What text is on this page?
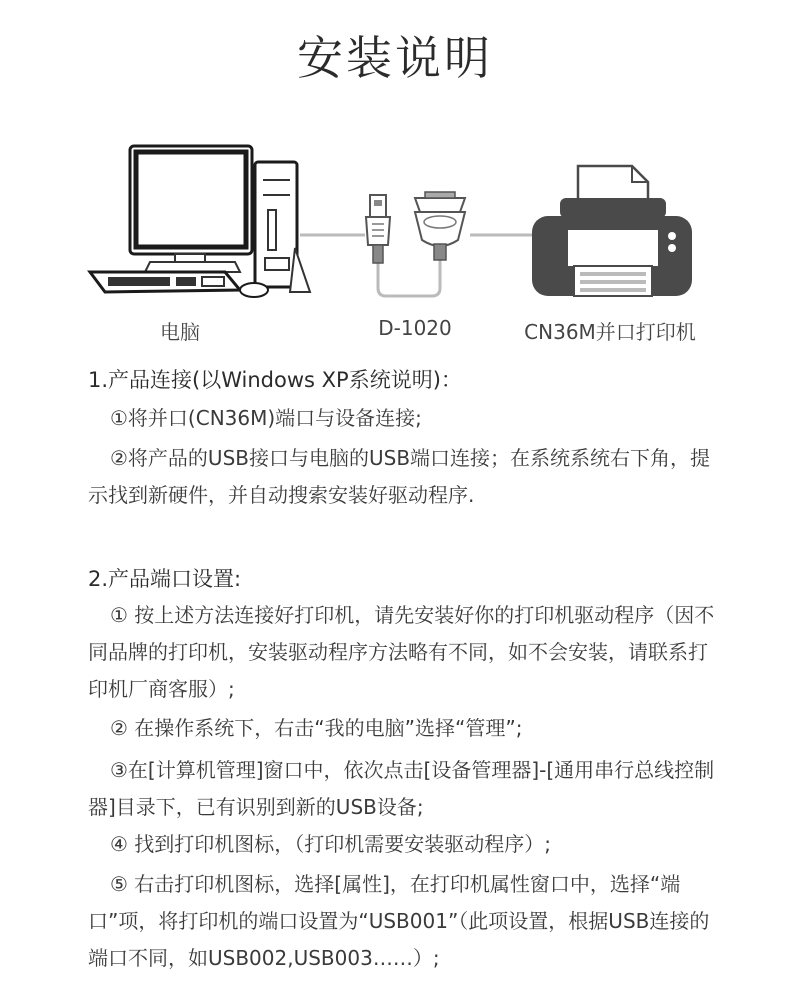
安装说明
电脑	D-1020	CN36M并口打印机
1.产品连接(以Windows XP系统说明)：

①将并口(CN36M)端口与设备连接;

②将产品的USB接口与电脑的USB端口连接；在系统系统右下角，提示找到新硬件，并自动搜索安装好驱动程序.

2.产品端口设置:

① 按上述方法连接好打印机，请先安装好你的打印机驱动程序（因不同品牌的打印机，安装驱动程序方法略有不同，如不会安装，请联系打印机厂商客服）;

② 在操作系统下，右击“我的电脑”选择“管理”;

③在[计算机管理]窗口中，依次点击[设备管理器]-[通用串行总线控制器]目录下，已有识别到新的USB设备;

④ 找到打印机图标，（打印机需要安装驱动程序）;

⑤ 右击打印机图标，选择[属性]，在打印机属性窗口中，选择“端口”项，将打印机的端口设置为“USB001”（此项设置，根据USB连接的端口不同，如USB002,USB003……）;
